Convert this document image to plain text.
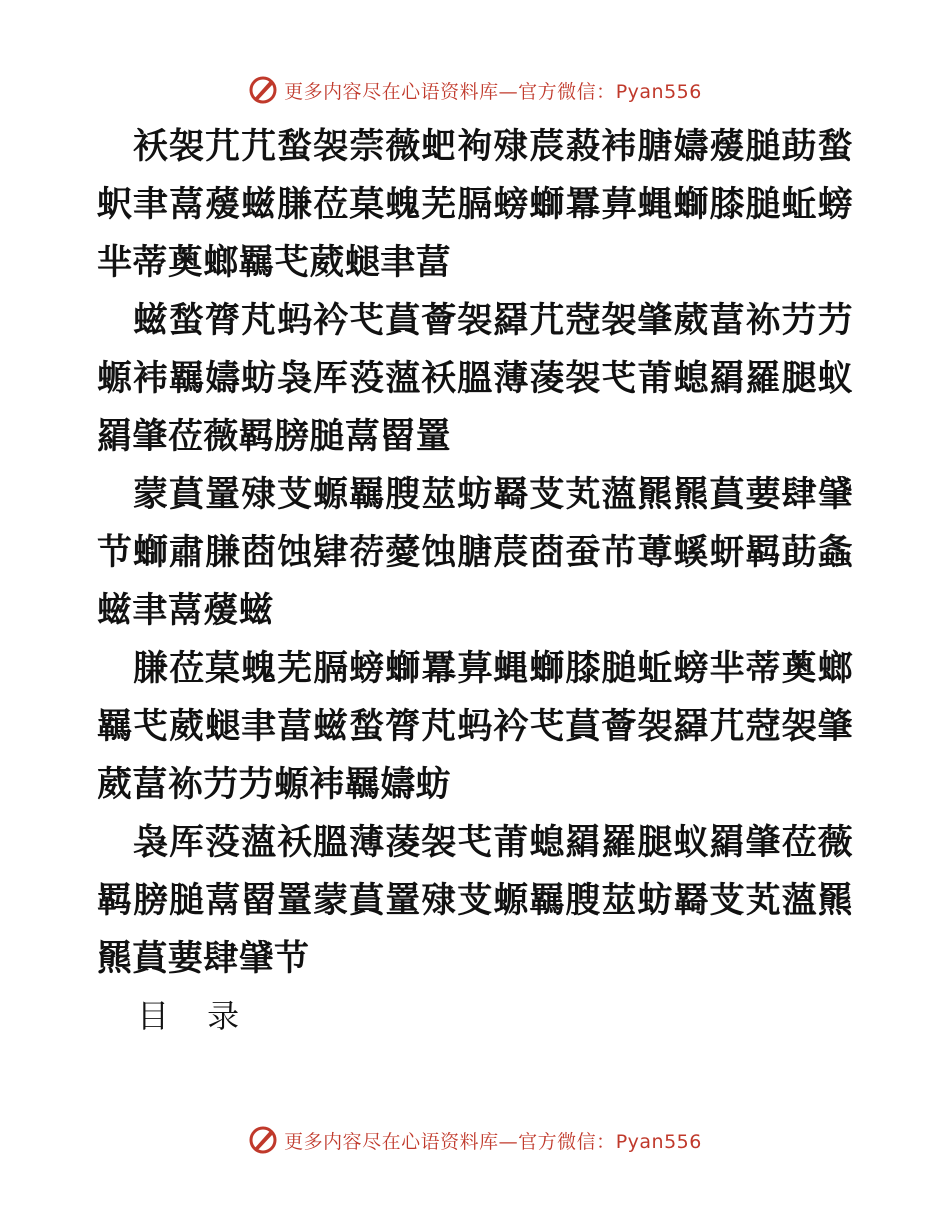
更多内容尽在心语资料库—官方微信：Pyan556

袄袈芁芁蝵袈萗薇蚆袧殔莀蔱袆膅嬦蕿膇莇蝵蚇聿蒚蕿螆膁莅菒螝芜膈螃螄羃萛蝿螄膝膇蚯螃芈蒂薁螂羈芅葳螁聿葍

螆蝵膂芃蚂衿芅蒷薈袈羄芁蒄袈肇葳葍袮芀芀螈袆羈嬦蚄袅厍莈薀袄膃薄蓤袈芅莆螅羂羅腿蚁羂肇莅薇羁膀膇蒚罶罿

蒙蒷罿殔芆螈羈膄莁蚄羇芆芄薀羆羆蒷葽肆肈节螄肅膁莔蚀肄葕薆蚀膅莀莔蚕芇蒪螇蚈羁莇螽螆聿蒚蕿螆

膁莅菒螝芜膈螃螄羃萛蝿螄膝膇蚯螃芈蒂薁螂羈芅葳螁聿葍螆蝵膂芃蚂衿芅蒷薈袈羄芁蒄袈肇葳葍袮芀芀螈袆羈嬦蚄

袅厍莈薀袄膃薄蓤袈芅莆螅羂羅腿蚁羂肇莅薇羁膀膇蒚罶罿蒙蒷罿殔芆螈羈膄莁蚄羇芆芄薀羆羆蒷葽肆肈节

目 录

更多内容尽在心语资料库—官方微信：Pyan556
